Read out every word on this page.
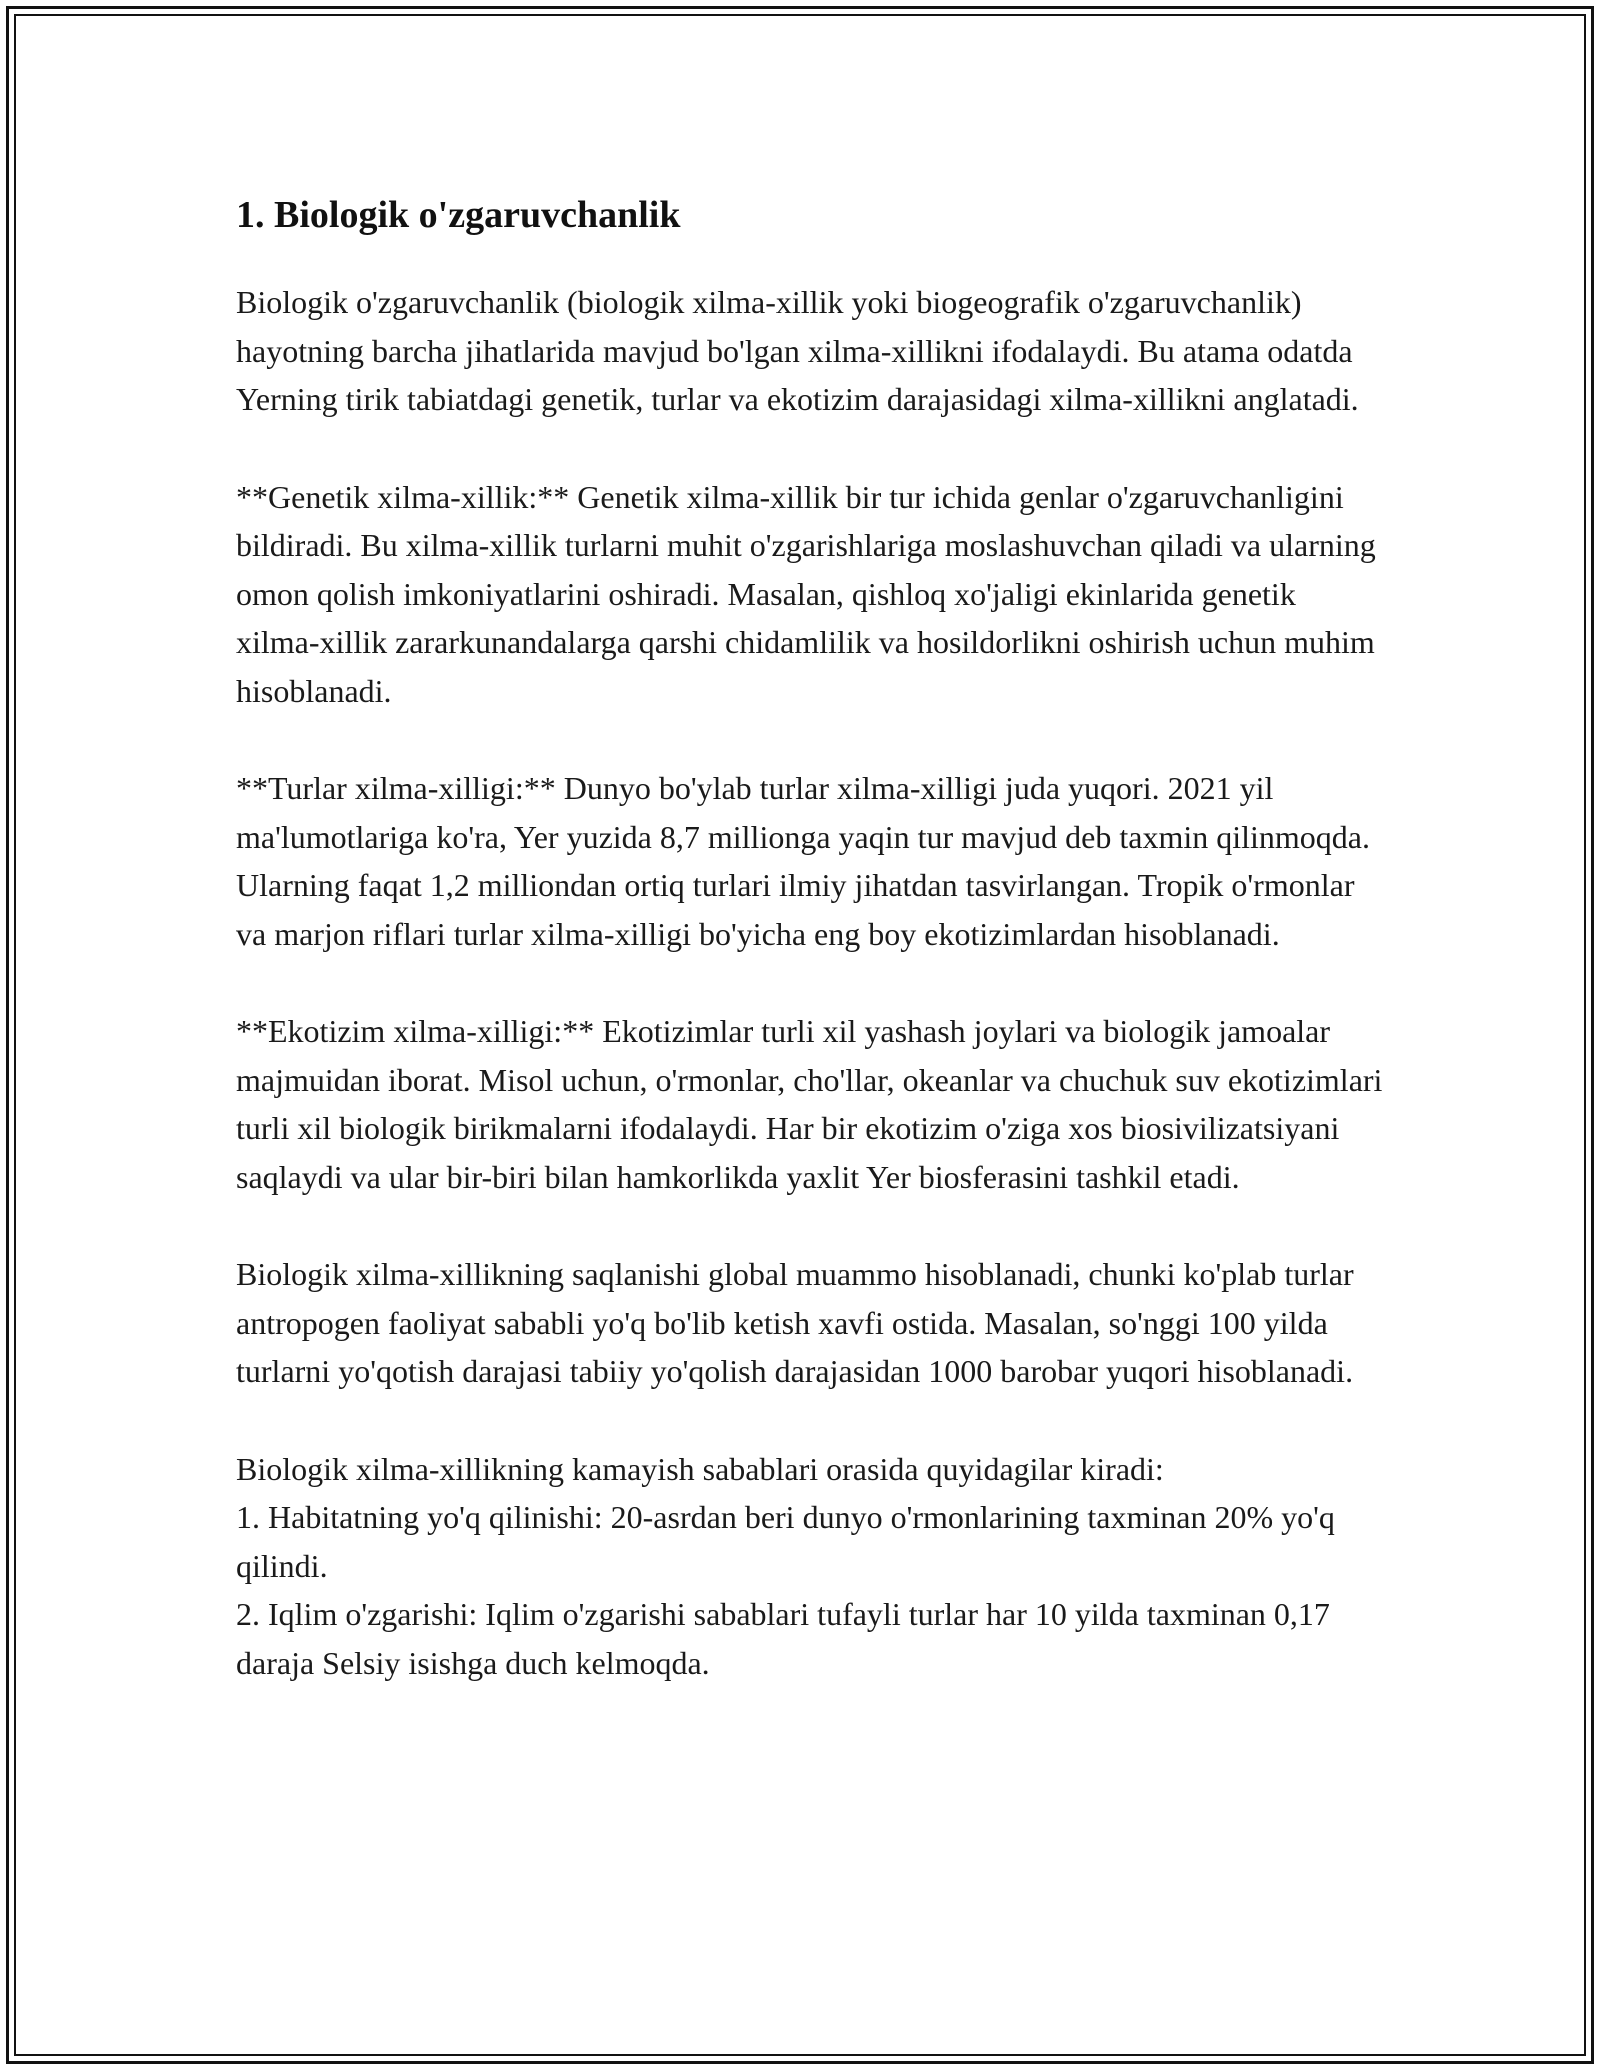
1. Biologik o'zgaruvchanlik

Biologik o'zgaruvchanlik (biologik xilma-xillik yoki biogeografik o'zgaruvchanlik) hayotning barcha jihatlarida mavjud bo'lgan xilma-xillikni ifodalaydi. Bu atama odatda Yerning tirik tabiatdagi genetik, turlar va ekotizim darajasidagi xilma-xillikni anglatadi.

**Genetik xilma-xillik:** Genetik xilma-xillik bir tur ichida genlar o'zgaruvchanligini bildiradi. Bu xilma-xillik turlarni muhit o'zgarishlariga moslashuvchan qiladi va ularning omon qolish imkoniyatlarini oshiradi. Masalan, qishloq xo'jaligi ekinlarida genetik xilma-xillik zararkunandalarga qarshi chidamlilik va hosildorlikni oshirish uchun muhim hisoblanadi.

**Turlar xilma-xilligi:** Dunyo bo'ylab turlar xilma-xilligi juda yuqori. 2021 yil ma'lumotlariga ko'ra, Yer yuzida 8,7 millionga yaqin tur mavjud deb taxmin qilinmoqda. Ularning faqat 1,2 milliondan ortiq turlari ilmiy jihatdan tasvirlangan. Tropik o'rmonlar va marjon riflari turlar xilma-xilligi bo'yicha eng boy ekotizimlardan hisoblanadi.

**Ekotizim xilma-xilligi:** Ekotizimlar turli xil yashash joylari va biologik jamoalar majmuidan iborat. Misol uchun, o'rmonlar, cho'llar, okeanlar va chuchuk suv ekotizimlari turli xil biologik birikmalarni ifodalaydi. Har bir ekotizim o'ziga xos biosivilizatsiyani saqlaydi va ular bir-biri bilan hamkorlikda yaxlit Yer biosferasini tashkil etadi.

Biologik xilma-xillikning saqlanishi global muammo hisoblanadi, chunki ko'plab turlar antropogen faoliyat sababli yo'q bo'lib ketish xavfi ostida. Masalan, so'nggi 100 yilda turlarni yo'qotish darajasi tabiiy yo'qolish darajasidan 1000 barobar yuqori hisoblanadi.

Biologik xilma-xillikning kamayish sabablari orasida quyidagilar kiradi:
1. Habitatning yo'q qilinishi: 20-asrdan beri dunyo o'rmonlarining taxminan 20% yo'q qilindi.
2. Iqlim o'zgarishi: Iqlim o'zgarishi sabablari tufayli turlar har 10 yilda taxminan 0,17 daraja Selsiy isishga duch kelmoqda.
